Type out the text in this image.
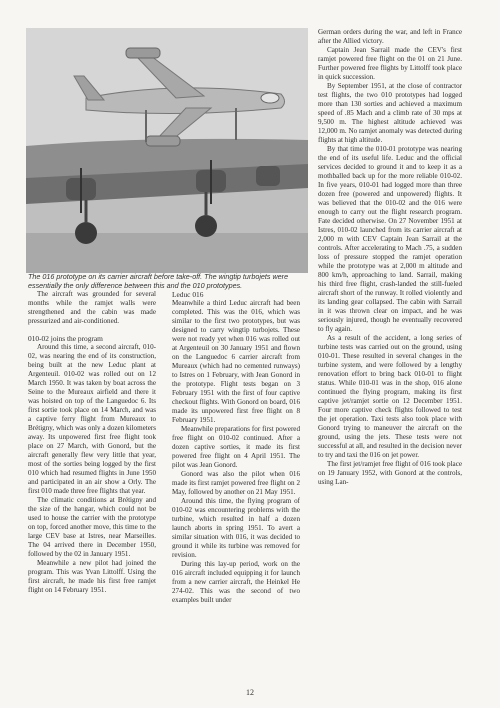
The 016 prototype on its carrier aircraft before take-off. The wingtip turbojets were essentially the only difference between this and the 010 prototypes.

The aircraft was grounded for several months while the ramjet walls were strengthened and the cabin was made pressurized and air-conditioned.

010-02 joins the program

Around this time, a second aircraft, 010-02, was nearing the end of its construction, being built at the new Leduc plant at Argenteuil. 010-02 was rolled out on 12 March 1950. It was taken by boat across the Seine to the Mureaux airfield and there it was hoisted on top of the Languedoc 6. Its first sortie took place on 14 March, and was a captive ferry flight from Mureaux to Brétigny, which was only a dozen kilometers away. Its unpowered first free flight took place on 27 March, with Gonord, but the aircraft generally flew very little that year, most of the sorties being logged by the first 010 which had resumed flights in June 1950 and participated in an air show a Orly. The first 010 made three free flights that year.

The climatic conditions at Brétigny and the size of the hangar, which could not be used to house the carrier with the prototype on top, forced another move, this time to the large CEV base at Istres, near Marseilles. The 04 arrived there in December 1950, followed by the 02 in January 1951.

Meanwhile a new pilot had joined the program. This was Yvan Littolff. Using the first aircraft, he made his first free ramjet flight on 14 February 1951.

Leduc 016

Meanwhile a third Leduc aircraft had been completed. This was the 016, which was similar to the first two prototypes, but was designed to carry wingtip turbojets. These were not ready yet when 016 was rolled out at Argenteuil on 30 January 1951 and flown on the Languedoc 6 carrier aircraft from Mureaux (which had no cemented runways) to Istres on 1 February, with Jean Gonord in the prototype. Flight tests began on 3 February 1951 with the first of four captive checkout flights. With Gonord on board, 016 made its unpowered first free flight on 8 February 1951.

Meanwhile preparations for first powered free flight on 010-02 continued. After a dozen captive sorties, it made its first powered free flight on 4 April 1951. The pilot was Jean Gonord.

Gonord was also the pilot when 016 made its first ramjet powered free flight on 2 May, followed by another on 21 May 1951.

Around this time, the flying program of 010-02 was encountering problems with the turbine, which resulted in half a dozen launch aborts in spring 1951. To avert a similar situation with 016, it was decided to ground it while its turbine was removed for revision.

During this lay-up period, work on the 016 aircraft included equipping it for launch from a new carrier aircraft, the Heinkel He 274-02. This was the second of two examples built under

German orders during the war, and left in France after the Allied victory.

Captain Jean Sarrail made the CEV's first ramjet powered free flight on the 01 on 21 June. Further powered free flights by Littolff took place in quick succession.

By September 1951, at the close of contractor test flights, the two 010 prototypes had logged more than 130 sorties and achieved a maximum speed of .85 Mach and a climb rate of 30 mps at 9,500 m. The highest altitude achieved was 12,000 m. No ramjet anomaly was detected during flights at high altitude.

By that time the 010-01 prototype was nearing the end of its useful life. Leduc and the official services decided to ground it and to keep it as a mothballed back up for the more reliable 010-02. In five years, 010-01 had logged more than three dozen free (powered and unpowered) flights. It was believed that the 010-02 and the 016 were enough to carry out the flight research program. Fate decided otherwise. On 27 November 1951 at Istres, 010-02 launched from its carrier aircraft at 2,000 m with CEV Captain Jean Sarrail at the controls. After accelerating to Mach .75, a sudden loss of pressure stopped the ramjet operation while the prototype was at 2,000 m altitude and 800 km/h, approaching to land. Sarrail, making his third free flight, crash-landed the still-fueled aircraft short of the runway. It rolled violently and its landing gear collapsed. The cabin with Sarrail in it was thrown clear on impact, and he was seriously injured, though he eventually recovered to fly again.

As a result of the accident, a long series of turbine tests was carried out on the ground, using 010-01. These resulted in several changes in the turbine system, and were followed by a lengthy renovation effort to bring back 010-01 to flight status. While 010-01 was in the shop, 016 alone continued the flying program, making its first captive jet/ramjet sortie on 12 December 1951. Four more captive check flights followed to test the jet operation. Taxi tests also took place with Gonord trying to maneuver the aircraft on the ground, using the jets. These tests were not successful at all, and resulted in the decision never to try and taxi the 016 on jet power.

The first jet/ramjet free flight of 016 took place on 19 January 1952, with Gonord at the controls, using Lan-

12
